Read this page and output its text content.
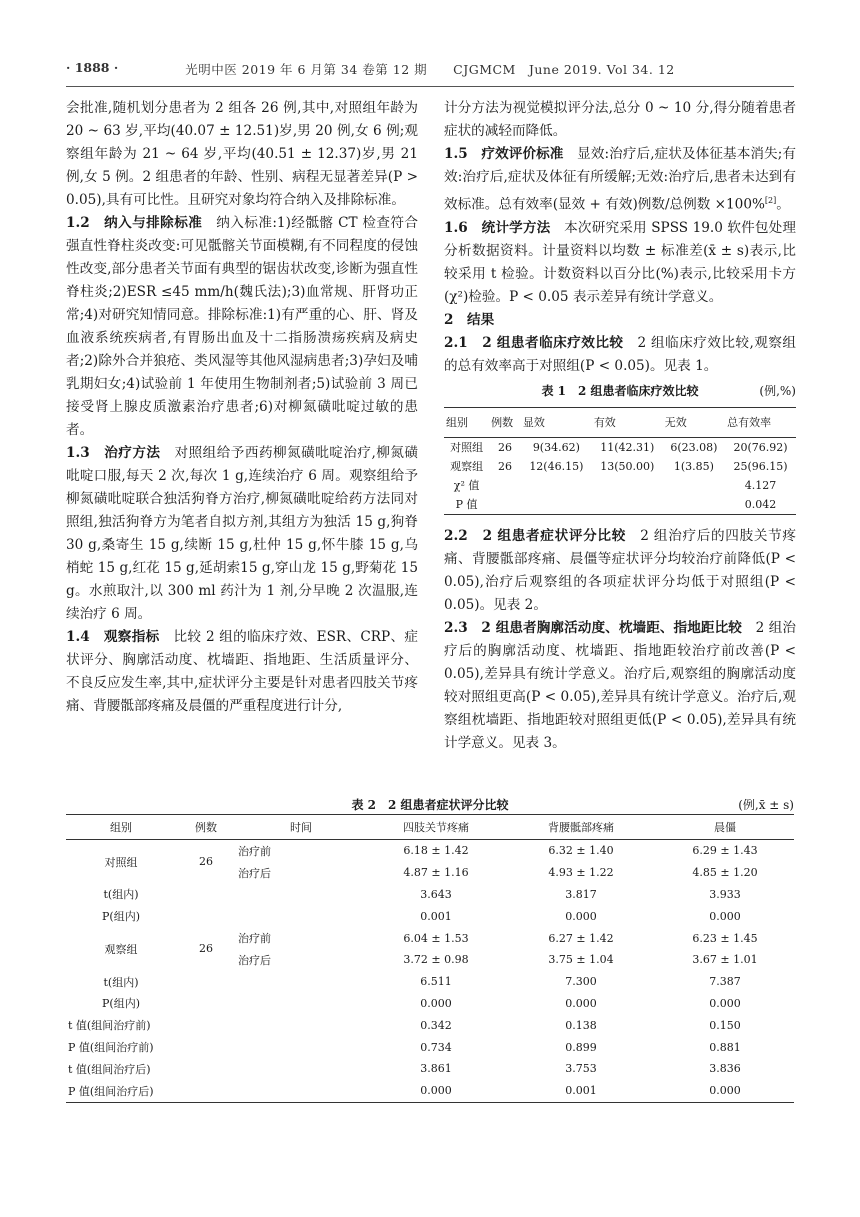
· 1888 ·	光明中医 2019 年 6 月第 34 卷第 12 期　　CJGMCM　June 2019. Vol 34. 12

会批准,随机划分患者为 2 组各 26 例,其中,对照组年龄为 20 ~ 63 岁,平均(40.07 ± 12.51)岁,男 20 例,女 6 例;观察组年龄为 21 ~ 64 岁,平均(40.51 ± 12.37)岁,男 21 例,女 5 例。2 组患者的年龄、性别、病程无显著差异(P > 0.05),具有可比性。且研究对象均符合纳入及排除标准。

1.2　纳入与排除标准　纳入标准:1)经骶髂 CT 检查符合强直性脊柱炎改变:可见骶髂关节面模糊,有不同程度的侵蚀性改变,部分患者关节面有典型的锯齿状改变,诊断为强直性脊柱炎;2)ESR ≤45 mm/h(魏氏法);3)血常规、肝肾功正常;4)对研究知情同意。排除标准:1)有严重的心、肝、肾及血液系统疾病者,有胃肠出血及十二指肠溃疡疾病及病史者;2)除外合并狼疮、类风湿等其他风湿病患者;3)孕妇及哺乳期妇女;4)试验前 1 年使用生物制剂者;5)试验前 3 周已接受肾上腺皮质激素治疗患者;6)对柳氮磺吡啶过敏的患者。

1.3　治疗方法　对照组给予西药柳氮磺吡啶治疗,柳氮磺吡啶口服,每天 2 次,每次 1 g,连续治疗 6 周。观察组给予柳氮磺吡啶联合独活狗脊方治疗,柳氮磺吡啶给药方法同对照组,独活狗脊方为笔者自拟方剂,其组方为独活 15 g,狗脊 30 g,桑寄生 15 g,续断 15 g,杜仲 15 g,怀牛膝 15 g,乌梢蛇 15 g,红花 15 g,延胡索15 g,穿山龙 15 g,野菊花 15 g。水煎取汁,以 300 ml 药汁为 1 剂,分早晚 2 次温服,连续治疗 6 周。

1.4　观察指标　比较 2 组的临床疗效、ESR、CRP、症状评分、胸廓活动度、枕墙距、指地距、生活质量评分、不良反应发生率,其中,症状评分主要是针对患者四肢关节疼痛、背腰骶部疼痛及晨僵的严重程度进行计分,

计分方法为视觉模拟评分法,总分 0 ~ 10 分,得分随着患者症状的减轻而降低。

1.5　疗效评价标准　显效:治疗后,症状及体征基本消失;有效:治疗后,症状及体征有所缓解;无效:治疗后,患者未达到有效标准。总有效率(显效 + 有效)例数/总例数 ×100%[2]。

1.6　统计学方法　本次研究采用 SPSS 19.0 软件包处理分析数据资料。计量资料以均数 ± 标准差(x̄ ± s)表示,比较采用 t 检验。计数资料以百分比(%)表示,比较采用卡方(χ²)检验。P < 0.05 表示差异有统计学意义。

2　结果

2.1　2 组患者临床疗效比较　2 组临床疗效比较,观察组的总有效率高于对照组(P < 0.05)。见表 1。

表 1　2 组患者临床疗效比较	(例,%)
组别	例数	显效	有效	无效	总有效率
对照组	26	9(34.62)	11(42.31)	6(23.08)	20(76.92)
观察组	26	12(46.15)	13(50.00)	1(3.85)	25(96.15)
χ² 值					4.127
P 值					0.042

2.2　2 组患者症状评分比较　2 组治疗后的四肢关节疼痛、背腰骶部疼痛、晨僵等症状评分均较治疗前降低(P < 0.05),治疗后观察组的各项症状评分均低于对照组(P < 0.05)。见表 2。

2.3　2 组患者胸廓活动度、枕墙距、指地距比较　2 组治疗后的胸廓活动度、枕墙距、指地距较治疗前改善(P < 0.05),差异具有统计学意义。治疗后,观察组的胸廓活动度较对照组更高(P < 0.05),差异具有统计学意义。治疗后,观察组枕墙距、指地距较对照组更低(P < 0.05),差异具有统计学意义。见表 3。

表 2　2 组患者症状评分比较	(例,x̄ ± s)
组别	例数	时间	四肢关节疼痛	背腰骶部疼痛	晨僵
对照组	26	治疗前	6.18 ± 1.42	6.32 ± 1.40	6.29 ± 1.43
		治疗后	4.87 ± 1.16	4.93 ± 1.22	4.85 ± 1.20
t(组内)			3.643	3.817	3.933
P(组内)			0.001	0.000	0.000
观察组	26	治疗前	6.04 ± 1.53	6.27 ± 1.42	6.23 ± 1.45
		治疗后	3.72 ± 0.98	3.75 ± 1.04	3.67 ± 1.01
t(组内)			6.511	7.300	7.387
P(组内)			0.000	0.000	0.000
t 值(组间治疗前)			0.342	0.138	0.150
P 值(组间治疗前)			0.734	0.899	0.881
t 值(组间治疗后)			3.861	3.753	3.836
P 值(组间治疗后)			0.000	0.001	0.000
